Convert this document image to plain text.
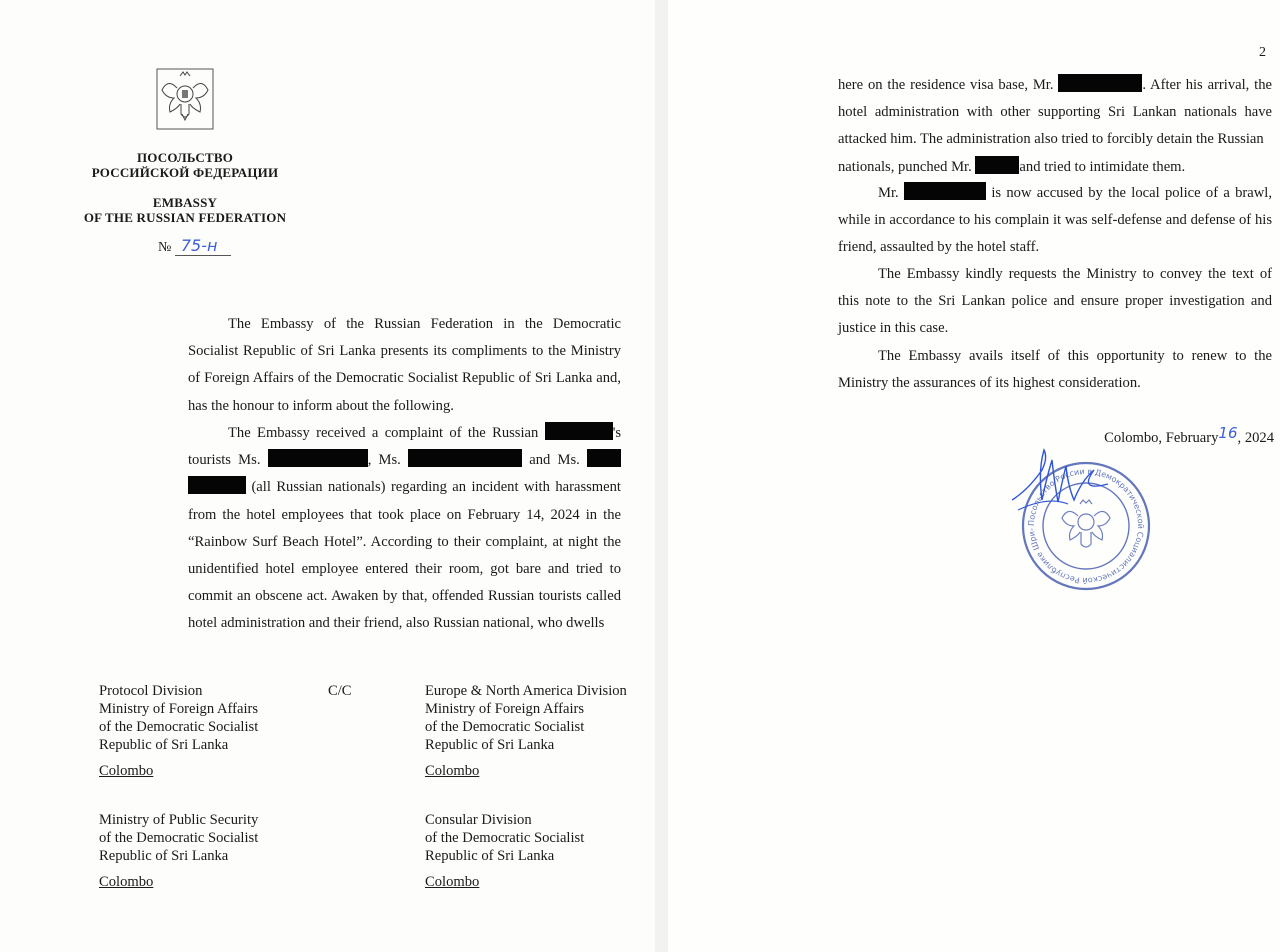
ПОСОЛЬСТВО
РОССИЙСКОЙ ФЕДЕРАЦИИ
EMBASSY
OF THE RUSSIAN FEDERATION
№ 75-н

The Embassy of the Russian Federation in the Democratic Socialist Republic of Sri Lanka presents its compliments to the Ministry of Foreign Affairs of the Democratic Socialist Republic of Sri Lanka and, has the honour to inform about the following.

The Embassy received a complaint of the Russian	's tourists Ms.	, Ms.	and Ms.   (all Russian nationals) regarding an incident with harassment from the hotel employees that took place on February 14, 2024 in the “Rainbow Surf Beach Hotel”. According to their complaint, at night the unidentified hotel employee entered their room, got bare and tried to commit an obscene act. Awaken by that, offended Russian tourists called hotel administration and their friend, also Russian national, who dwells

Protocol Division
Ministry of Foreign Affairs
of the Democratic Socialist
Republic of Sri Lanka
Colombo
C/C	Europe & North America Division
Ministry of Foreign Affairs
of the Democratic Socialist
Republic of Sri Lanka
Colombo
Ministry of Public Security
of the Democratic Socialist
Republic of Sri Lanka
Colombo
Consular Division
of the Democratic Socialist
Republic of Sri Lanka
Colombo
2
here on the residence visa base, Mr.	. After his arrival, the
hotel administration with other supporting Sri Lankan nationals have attacked him. The administration also tried to forcibly detain the Russian
nationals, punched Mr.	and tried to intimidate them.
Mr.	is now accused by the local police of a brawl,
while in accordance to his complain it was self-defense and defense of his friend, assaulted by the hotel staff.

The Embassy kindly requests the Ministry to convey the text of this note to the Sri Lankan police and ensure proper investigation and justice in this case.

The Embassy avails itself of this opportunity to renew to the Ministry the assurances of its highest consideration.

Colombo, February16, 2024
Посольство России в Демократической Социалистической Республике Шри-
